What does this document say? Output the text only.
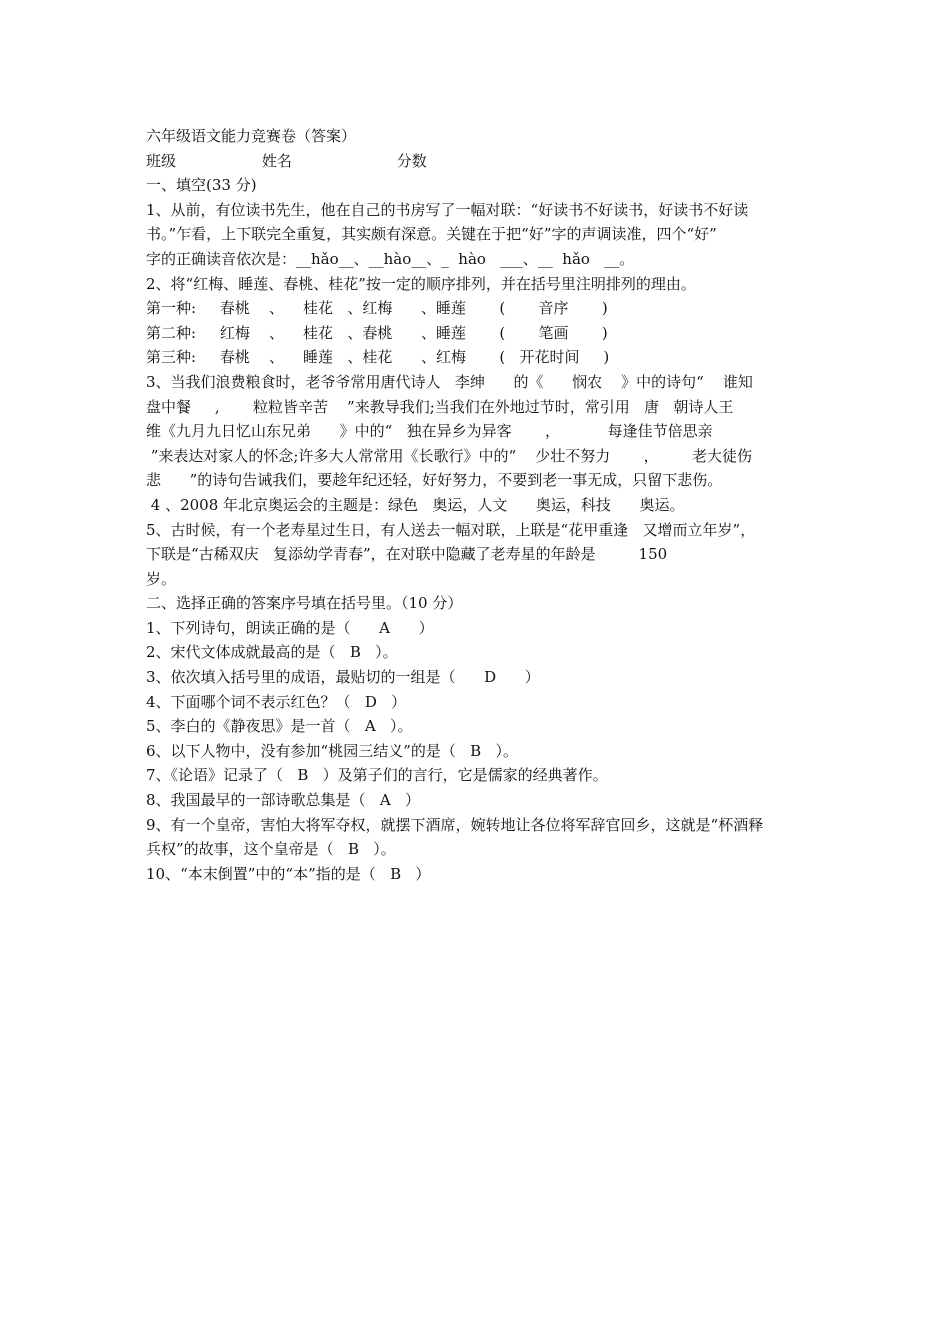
六年级语文能力竞赛卷（答案）
班级	姓名	分数
一、填空(33 分)
1、从前，有位读书先生，他在自己的书房写了一幅对联：“好读书不好读书，好读书不好读
书。”乍看，上下联完全重复，其实颇有深意。关键在于把“好”字的声调读准，四个“好”
字的正确读音依次是：__hǎo__、__hào__、_  hào   ___、__  hǎo   __。
2、将“红梅、睡莲、春桃、桂花”按一定的顺序排列，并在括号里注明排列的理由。
第一种:     春桃    、    桂花   、红梅      、睡莲       (       音序       )
第二种:     红梅    、    桂花   、春桃      、睡莲       (       笔画       )
第三种:     春桃    、    睡莲   、桂花      、红梅       (   开花时间     )
3、当我们浪费粮食时，老爷爷常用唐代诗人   李绅      的《      悯农    》中的诗句“    谁知
盘中餐     ,       粒粒皆辛苦    ”来教导我们;当我们在外地过节时，常引用   唐   朝诗人王
维《九月九日忆山东兄弟      》中的“   独在异乡为异客       ，          每逢佳节倍思亲
”来表达对家人的怀念;许多大人常常用《长歌行》中的“    少壮不努力       ，       老大徒伤
悲      ”的诗句告诫我们，要趁年纪还轻，好好努力，不要到老一事无成，只留下悲伤。
4 、2008 年北京奥运会的主题是：绿色   奥运，人文      奥运，科技      奥运。
5、古时候，有一个老寿星过生日，有人送去一幅对联，上联是“花甲重逢   又增而立年岁”，
下联是“古稀双庆   复添幼学青春”，在对联中隐藏了老寿星的年龄是         150
岁。
二、选择正确的答案序号填在括号里。（10 分）
1、下列诗句，朗读正确的是（      A      ）
2、宋代文体成就最高的是（   B   ）。
3、依次填入括号里的成语，最贴切的一组是（      D      ）
4、下面哪个词不表示红色？（   D   ）
5、李白的《静夜思》是一首（   A   ）。
6、以下人物中，没有参加“桃园三结义”的是（   B   ）。
7、《论语》记录了（   B   ）及第子们的言行，它是儒家的经典著作。
8、我国最早的一部诗歌总集是（   A   ）
9、有一个皇帝，害怕大将军夺权，就摆下酒席，婉转地让各位将军辞官回乡，这就是“杯酒释
兵权”的故事，这个皇帝是（   B   ）。
10、“本末倒置”中的“本”指的是（   B   ）
